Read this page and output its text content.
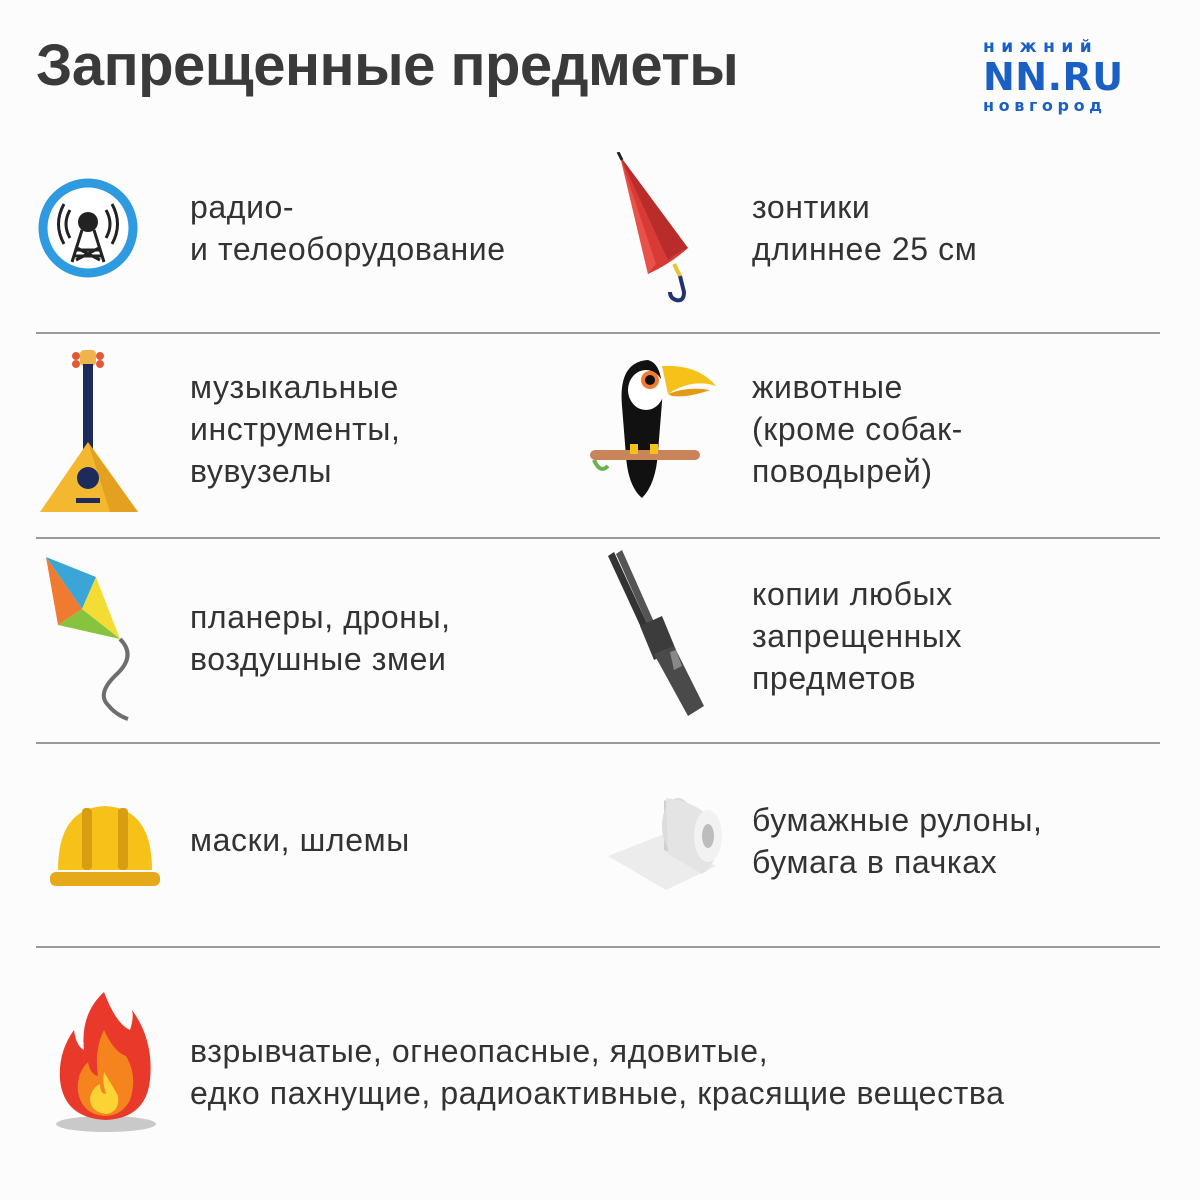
Запрещенные предметы	нижний
NN.RU
новгород
радио-
и телеоборудование
зонтики
длиннее 25 см
музыкальные
инструменты,
вувузелы
животные
(кроме собак-
поводырей)
планеры, дроны,
воздушные змеи
копии любых
запрещенных
предметов
маски, шлемы
бумажные рулоны,
бумага в пачках
взрывчатые, огнеопасные, ядовитые,
едко пахнущие, радиоактивные, красящие вещества
